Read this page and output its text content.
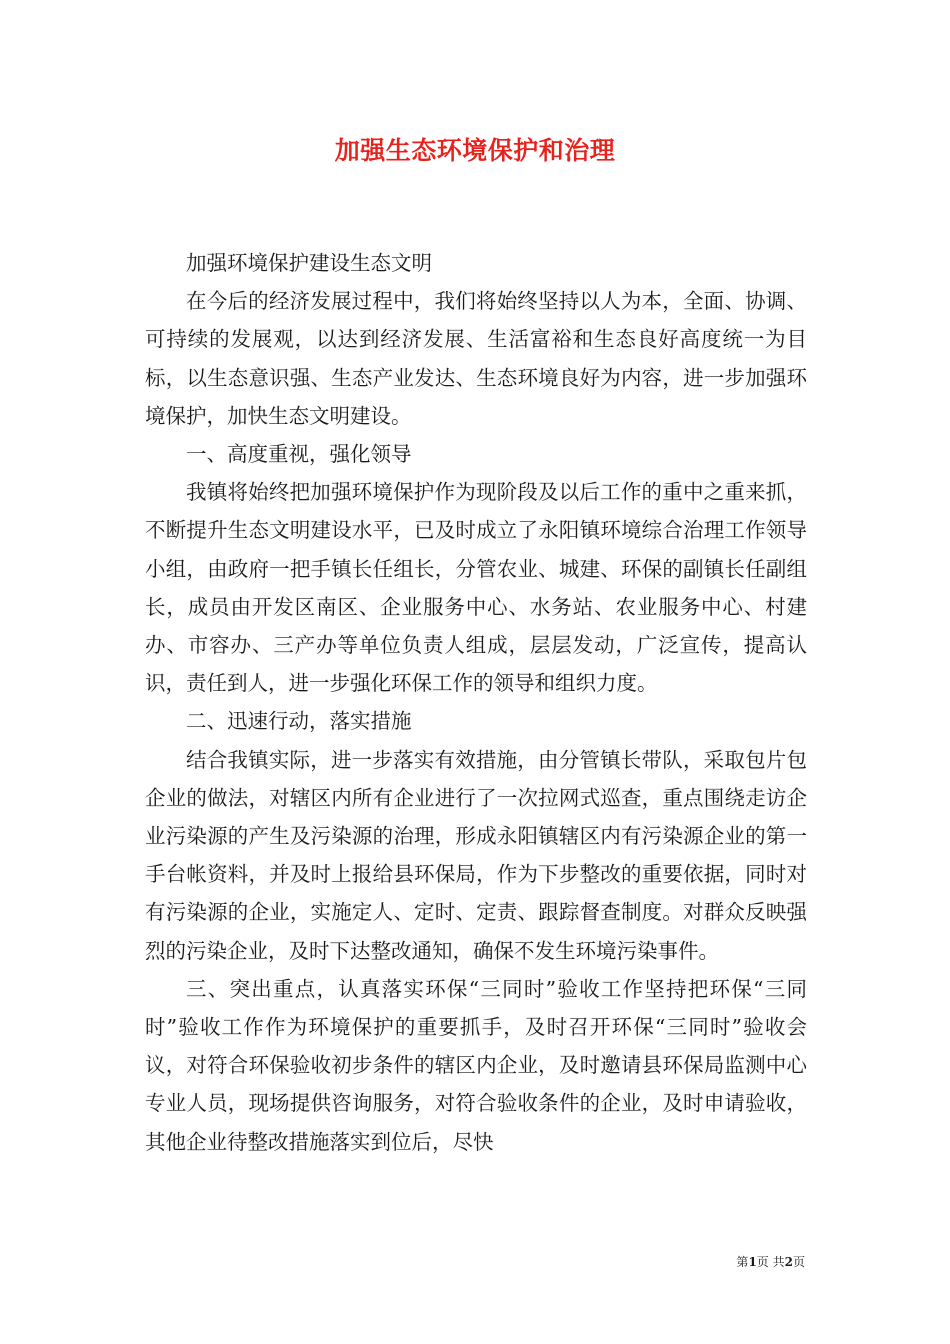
加强生态环境保护和治理

加强环境保护建设生态文明

在今后的经济发展过程中，我们将始终坚持以人为本，全面、协调、可持续的发展观，以达到经济发展、生活富裕和生态良好高度统一为目标，以生态意识强、生态产业发达、生态环境良好为内容，进一步加强环境保护，加快生态文明建设。

一、高度重视，强化领导

我镇将始终把加强环境保护作为现阶段及以后工作的重中之重来抓，不断提升生态文明建设水平，已及时成立了永阳镇环境综合治理工作领导小组，由政府一把手镇长任组长，分管农业、城建、环保的副镇长任副组长，成员由开发区南区、企业服务中心、水务站、农业服务中心、村建办、市容办、三产办等单位负责人组成，层层发动，广泛宣传，提高认识，责任到人，进一步强化环保工作的领导和组织力度。

二、迅速行动，落实措施

结合我镇实际，进一步落实有效措施，由分管镇长带队，采取包片包企业的做法，对辖区内所有企业进行了一次拉网式巡查，重点围绕走访企业污染源的产生及污染源的治理，形成永阳镇辖区内有污染源企业的第一手台帐资料，并及时上报给县环保局，作为下步整改的重要依据，同时对有污染源的企业，实施定人、定时、定责、跟踪督查制度。对群众反映强烈的污染企业，及时下达整改通知，确保不发生环境污染事件。

三、突出重点，认真落实环保“三同时”验收工作坚持把环保“三同时”验收工作作为环境保护的重要抓手，及时召开环保“三同时”验收会议，对符合环保验收初步条件的辖区内企业，及时邀请县环保局监测中心专业人员，现场提供咨询服务，对符合验收条件的企业，及时申请验收，其他企业待整改措施落实到位后，尽快

第1页 共2页
